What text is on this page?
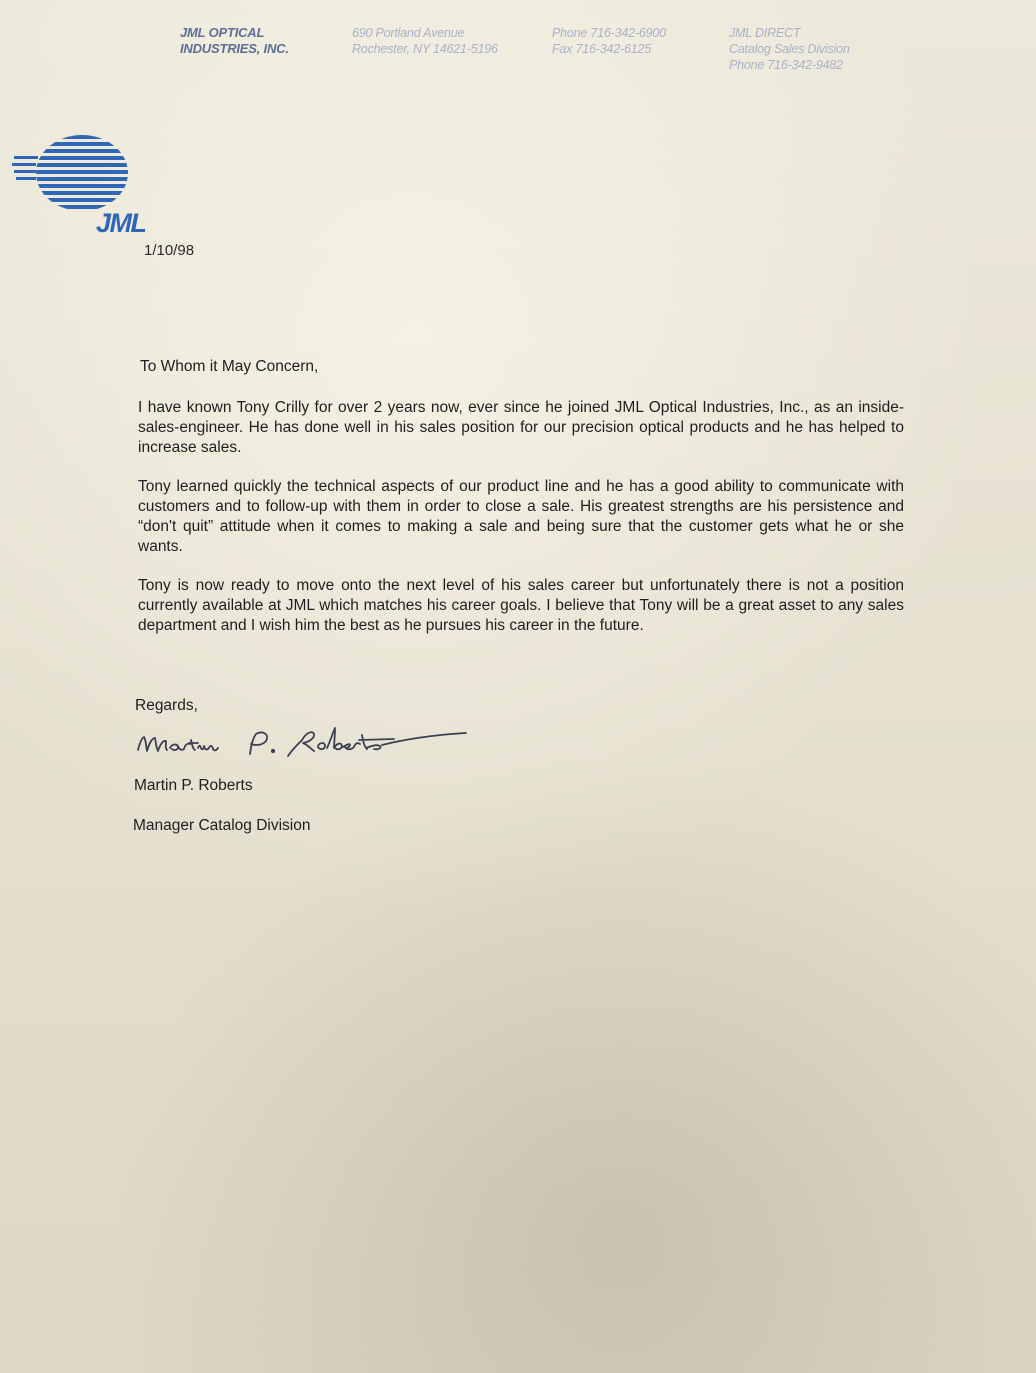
JML OPTICAL
INDUSTRIES, INC.
690 Portland Avenue
Rochester, NY 14621-5196
Phone 716-342-6900
Fax 716-342-6125
JML DIRECT
Catalog Sales Division
Phone 716-342-9482
JML
1/10/98
To Whom it May Concern,

I have known Tony Crilly for over 2 years now, ever since he joined JML Optical Industries, Inc., as an inside-sales-engineer. He has done well in his sales position for our precision optical products and he has helped to increase sales.

Tony learned quickly the technical aspects of our product line and he has a good ability to communicate with customers and to follow-up with them in order to close a sale. His greatest strengths are his persistence and “don't quit” attitude when it comes to making a sale and being sure that the customer gets what he or she wants.

Tony is now ready to move onto the next level of his sales career but unfortunately there is not a position currently available at JML which matches his career goals. I believe that Tony will be a great asset to any sales department and I wish him the best as he pursues his career in the future.

Regards,
Martin P. Roberts
Manager Catalog Division
